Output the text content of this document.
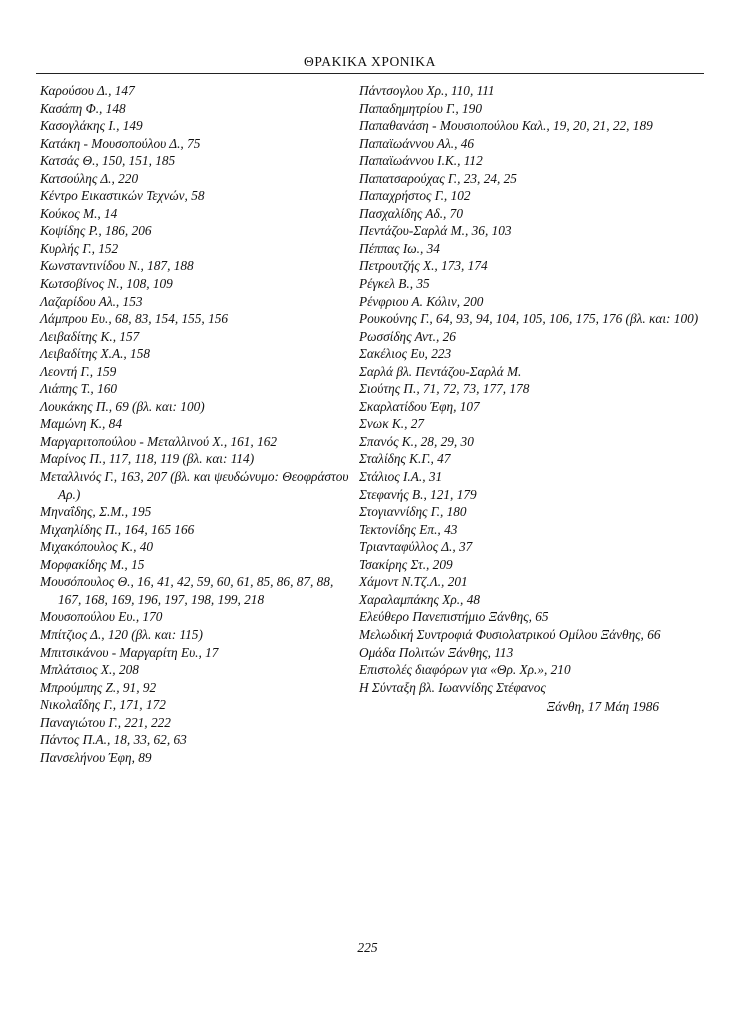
ΘΡΑΚΙΚΑ ΧΡΟΝΙΚΑ
Καρούσου Δ., 147
Κασάπη Φ., 148
Κασογλάκης Ι., 149
Κατάκη - Μουσοπούλου Δ., 75
Κατσάς Θ., 150, 151, 185
Κατσούλης Δ., 220
Κέντρο Εικαστικών Τεχνών, 58
Κούκος Μ., 14
Κοψίδης Ρ., 186, 206
Κυρλής Γ., 152
Κωνσταντινίδου Ν., 187, 188
Κωτσοβίνος Ν., 108, 109
Λαζαρίδου Αλ., 153
Λάμπρου Ευ., 68, 83, 154, 155, 156
Λειβαδίτης Κ., 157
Λειβαδίτης Χ.Α., 158
Λεοντή Γ., 159
Λιάπης Τ., 160
Λουκάκης Π., 69 (βλ. και: 100)
Μαμώνη Κ., 84
Μαργαριτοπούλου - Μεταλλινού Χ., 161, 162
Μαρίνος Π., 117, 118, 119 (βλ. και: 114)
Μεταλλινός Γ., 163, 207 (βλ. και ψευδώνυμο: Θεοφράστου Αρ.)
Μηναΐδης, Σ.Μ., 195
Μιχαηλίδης Π., 164, 165 166
Μιχακόπουλος Κ., 40
Μορφακίδης Μ., 15
Μουσόπουλος Θ., 16, 41, 42, 59, 60, 61, 85, 86, 87, 88, 167, 168, 169, 196, 197, 198, 199, 218
Μουσοπούλου Ευ., 170
Μπίτζιος Δ., 120 (βλ. και: 115)
Μπιτσικάνου - Μαργαρίτη Ευ., 17
Μπλάτσιος Χ., 208
Μπρούμπης Ζ., 91, 92
Νικολαΐδης Γ., 171, 172
Παναγιώτου Γ., 221, 222
Πάντος Π.Α., 18, 33, 62, 63
Πανσελήνου Έφη, 89
Πάντσογλου Χρ., 110, 111
Παπαδημητρίου Γ., 190
Παπαθανάση - Μουσιοπούλου Καλ., 19, 20, 21, 22, 189
Παπαϊωάννου Αλ., 46
Παπαϊωάννου Ι.Κ., 112
Παπατσαρούχας Γ., 23, 24, 25
Παπαχρήστος Γ., 102
Πασχαλίδης Αδ., 70
Πεντάζου-Σαρλά Μ., 36, 103
Πέππας Ιω., 34
Πετρουτζής Χ., 173, 174
Ρέγκελ Β., 35
Ρένφριου Α. Κόλιν, 200
Ρουκούνης Γ., 64, 93, 94, 104, 105, 106, 175, 176 (βλ. και: 100)
Ρωσσίδης Αντ., 26
Σακέλιος Ευ, 223
Σαρλά βλ. Πεντάζου-Σαρλά Μ.
Σιούτης Π., 71, 72, 73, 177, 178
Σκαρλατίδου Έφη, 107
Σνωκ Κ., 27
Σπανός Κ., 28, 29, 30
Σταλίδης Κ.Γ., 47
Στάλιος Ι.Α., 31
Στεφανής Β., 121, 179
Στογιαννίδης Γ., 180
Τεκτονίδης Επ., 43
Τριανταφύλλος Δ., 37
Τσακίρης Στ., 209
Χάμοντ Ν.Τζ.Λ., 201
Χαραλαμπάκης Χρ., 48
Ελεύθερο Πανεπιστήμιο Ξάνθης, 65
Μελωδική Συντροφιά Φυσιολατρικού Ομίλου Ξάνθης, 66
Ομάδα Πολιτών Ξάνθης, 113
Επιστολές διαφόρων για «Θρ. Χρ.», 210
Η Σύνταξη βλ. Ιωαννίδης Στέφανος
Ξάνθη, 17 Μάη 1986
225
